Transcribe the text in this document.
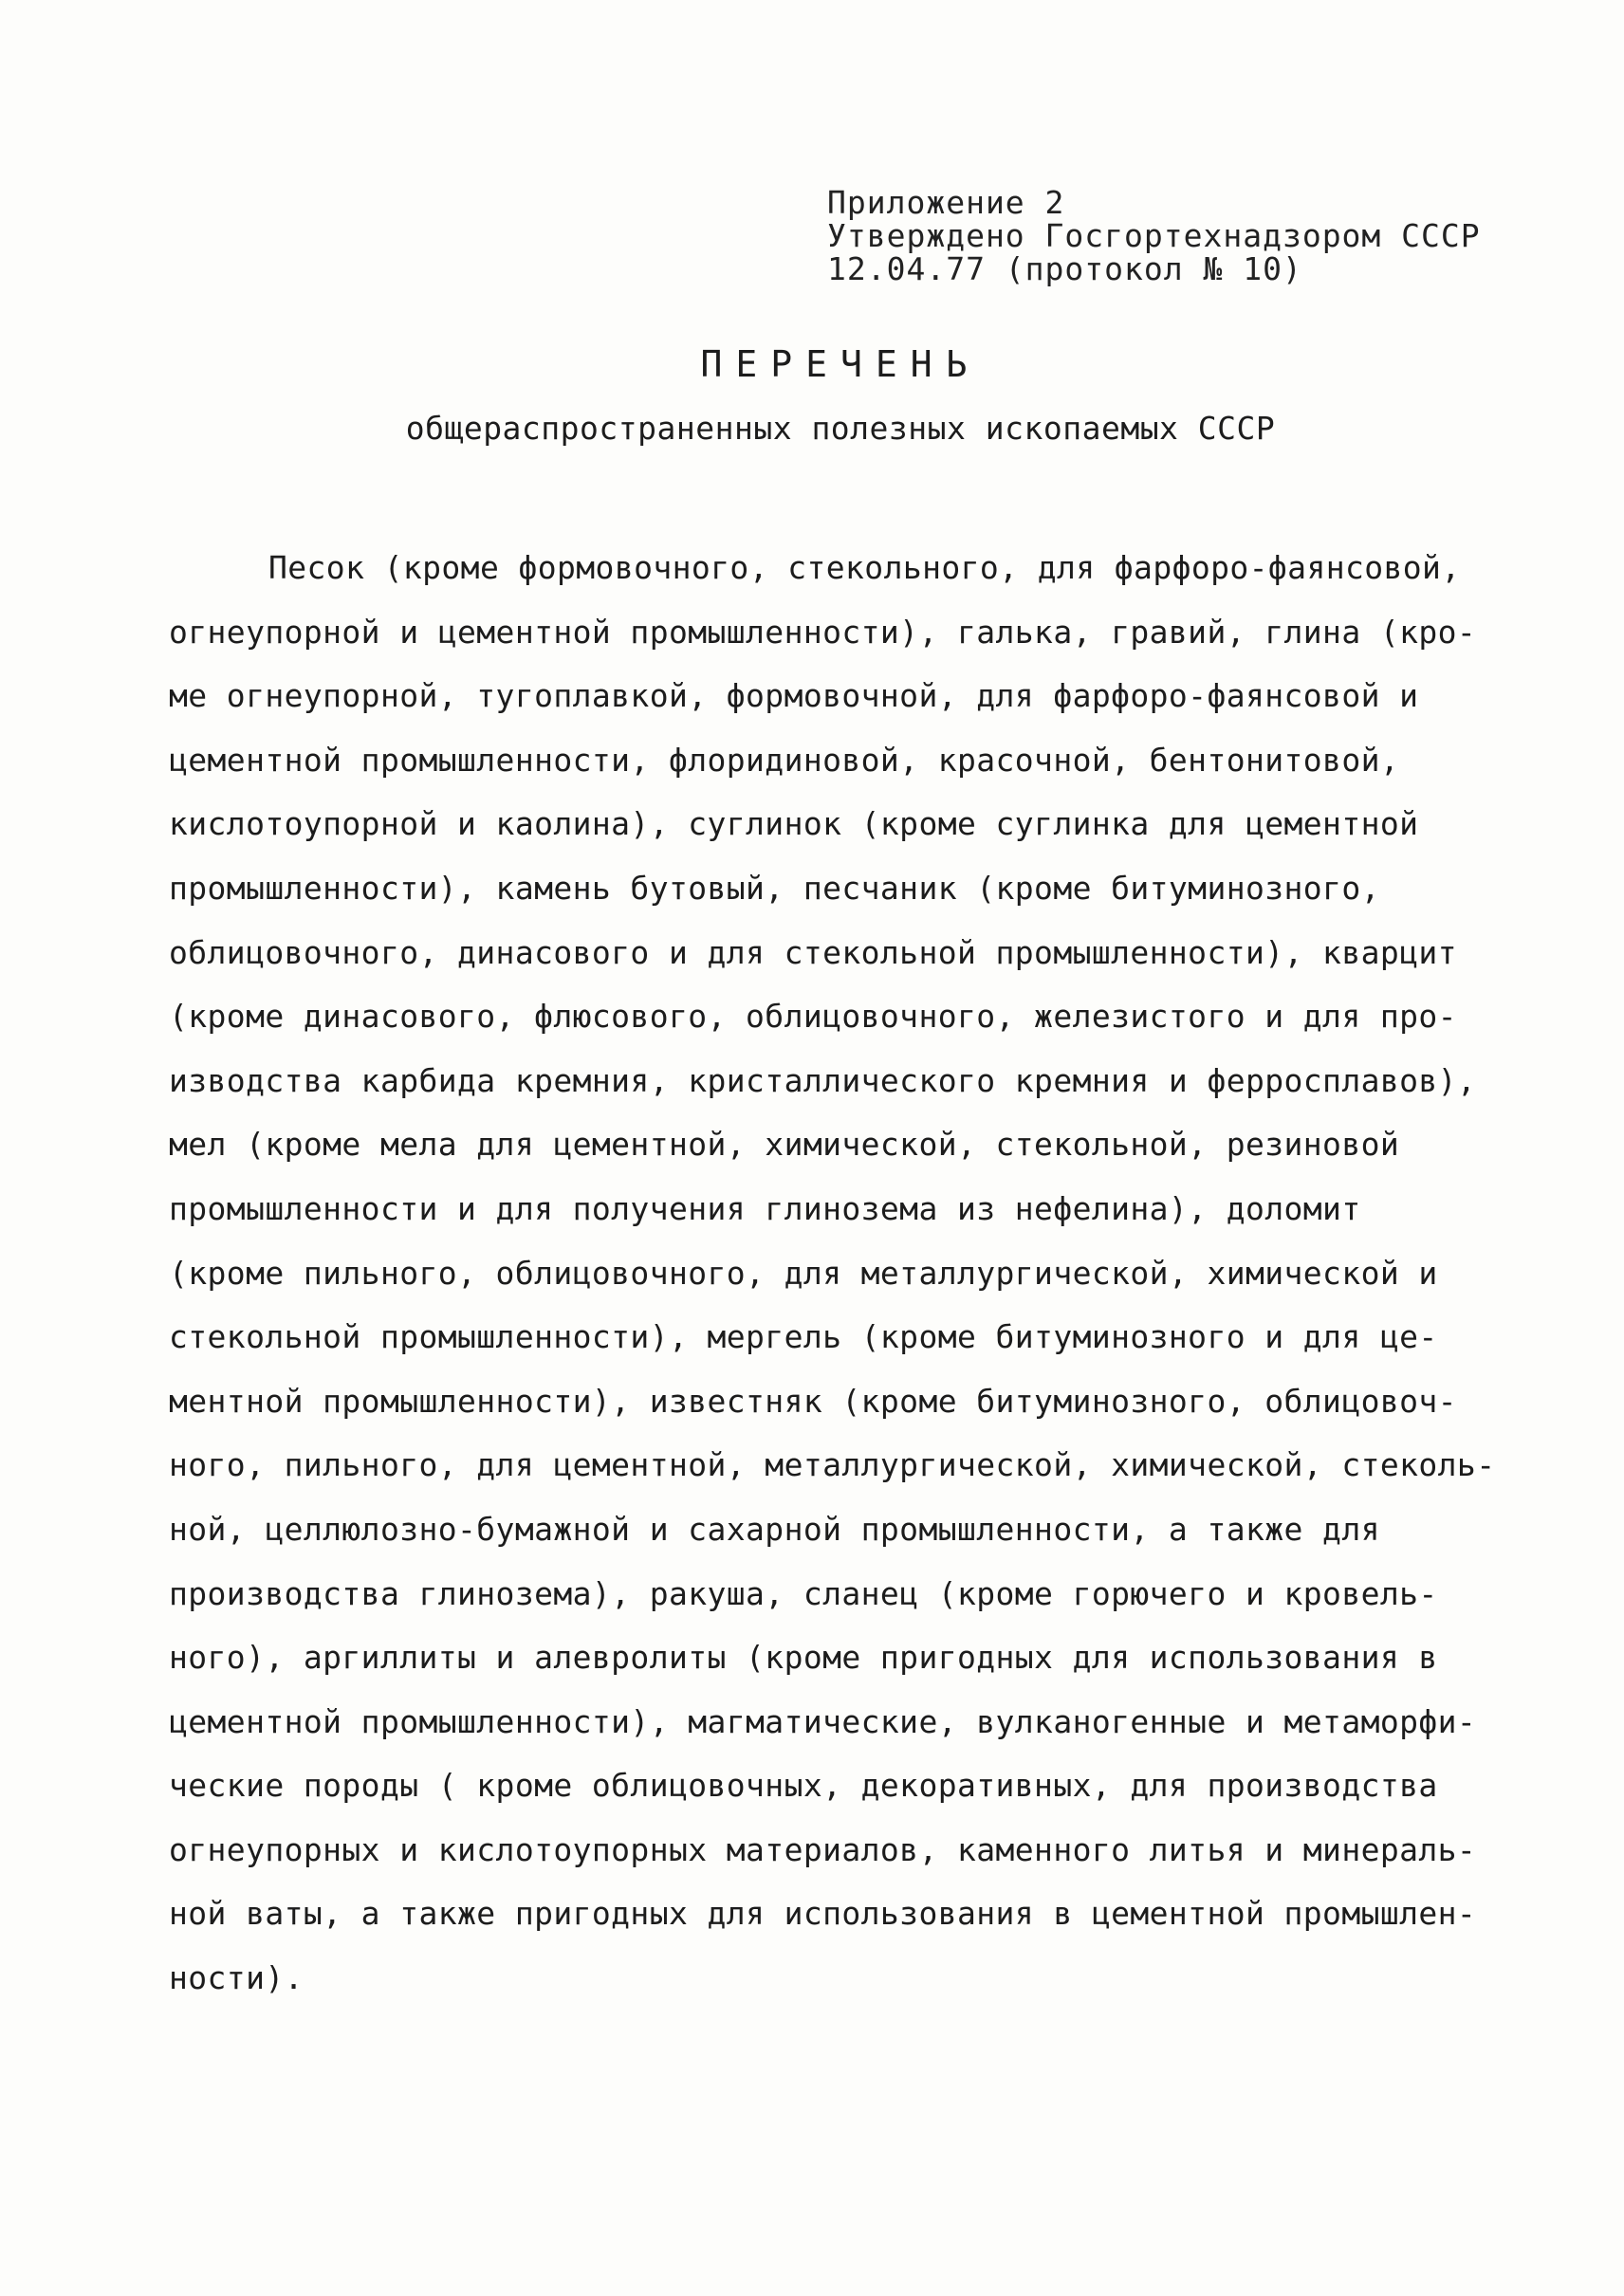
Приложение 2
Утверждено Госгортехнадзором СССР
12.04.77 (протокол № 10)
ПЕРЕЧЕНЬ
общераспространенных полезных ископаемых СССР
Песок (кроме формовочного, стекольного, для фарфоро-фаянсовой,
огнеупорной и цементной промышленности), галька, гравий, глина (кро-
ме огнеупорной, тугоплавкой, формовочной, для фарфоро-фаянсовой и
цементной промышленности, флоридиновой, красочной, бентонитовой,
кислотоупорной и каолина), суглинок (кроме суглинка для цементной
промышленности), камень бутовый, песчаник (кроме битуминозного,
облицовочного, динасового и для стекольной промышленности), кварцит
(кроме динасового, флюсового, облицовочного, железистого и для про-
изводства карбида кремния, кристаллического кремния и ферросплавов),
мел (кроме мела для цементной, химической, стекольной, резиновой
промышленности и для получения глинозема из нефелина), доломит
(кроме пильного, облицовочного, для металлургической, химической и
стекольной промышленности), мергель (кроме битуминозного и для це-
ментной промышленности), известняк (кроме битуминозного, облицовоч-
ного, пильного, для цементной, металлургической, химической, стеколь-
ной, целлюлозно-бумажной и сахарной промышленности, а также для
производства глинозема), ракуша, сланец (кроме горючего и кровель-
ного), аргиллиты и алевролиты (кроме пригодных для использования в
цементной промышленности), магматические, вулканогенные и метаморфи-
ческие породы ( кроме облицовочных, декоративных, для производства
огнеупорных и кислотоупорных материалов, каменного литья и минераль-
ной ваты, а также пригодных для использования в цементной промышлен-
ности).
